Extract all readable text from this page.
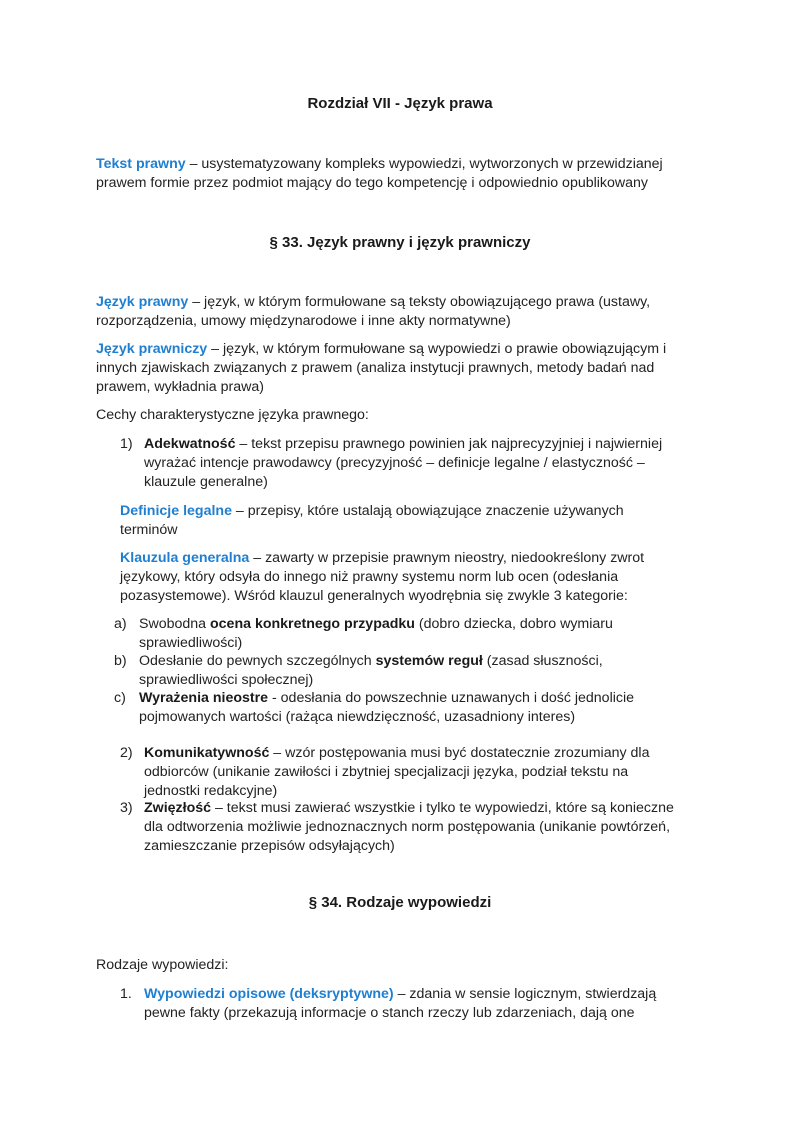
Rozdział VII - Język prawa
Tekst prawny – usystematyzowany kompleks wypowiedzi, wytworzonych w przewidzianej
prawem formie przez podmiot mający do tego kompetencję i odpowiednio opublikowany
§ 33. Język prawny i język prawniczy
Język prawny – język, w którym formułowane są teksty obowiązującego prawa (ustawy,
rozporządzenia, umowy międzynarodowe i inne akty normatywne)
Język prawniczy – język, w którym formułowane są wypowiedzi o prawie obowiązującym i
innych zjawiskach związanych z prawem (analiza instytucji prawnych, metody badań nad
prawem, wykładnia prawa)
Cechy charakterystyczne języka prawnego:
1) Adekwatność – tekst przepisu prawnego powinien jak najprecyzyjniej i najwierniej
wyrażać intencje prawodawcy (precyzyjność – definicje legalne / elastyczność –
klauzule generalne)
Definicje legalne – przepisy, które ustalają obowiązujące znaczenie używanych
terminów
Klauzula generalna – zawarty w przepisie prawnym nieostry, niedookreślony zwrot
językowy, który odsyła do innego niż prawny systemu norm lub ocen (odesłania
pozasystemowe). Wśród klauzul generalnych wyodrębnia się zwykle 3 kategorie:
a) Swobodna ocena konkretnego przypadku (dobro dziecka, dobro wymiaru
sprawiedliwości)
b) Odesłanie do pewnych szczególnych systemów reguł (zasad słuszności,
sprawiedliwości społecznej)
c) Wyrażenia nieostre - odesłania do powszechnie uznawanych i dość jednolicie
pojmowanych wartości (rażąca niewdzięczność, uzasadniony interes)
2) Komunikatywność – wzór postępowania musi być dostatecznie zrozumiany dla
odbiorców (unikanie zawiłości i zbytniej specjalizacji języka, podział tekstu na
jednostki redakcyjne)
3) Zwięzłość – tekst musi zawierać wszystkie i tylko te wypowiedzi, które są konieczne
dla odtworzenia możliwie jednoznacznych norm postępowania (unikanie powtórzeń,
zamieszczanie przepisów odsyłających)
§ 34. Rodzaje wypowiedzi
Rodzaje wypowiedzi:
1. Wypowiedzi opisowe (deksryptywne) – zdania w sensie logicznym, stwierdzają
pewne fakty (przekazują informacje o stanch rzeczy lub zdarzeniach, dają one
